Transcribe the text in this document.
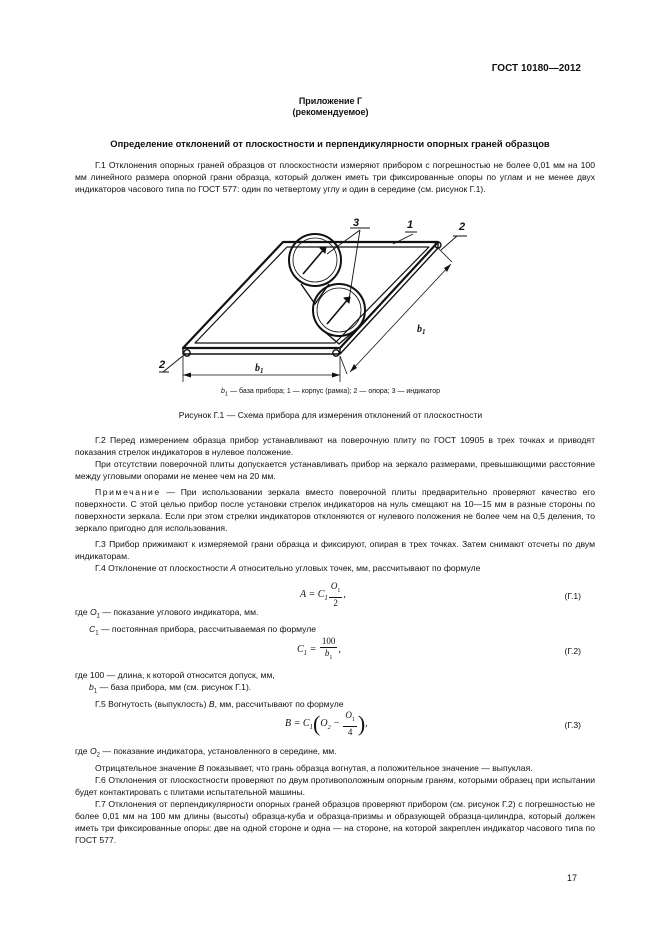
ГОСТ 10180—2012
Приложение Г
(рекомендуемое)
Определение отклонений от плоскостности и перпендикулярности опорных граней образцов

Г.1 Отклонения опорных граней образцов от плоскостности измеряют прибором с погрешностью не более 0,01 мм на 100 мм линейного размера опорной грани образца, который должен иметь три фиксированные опоры по углам и не менее двух индикаторов часового типа по ГОСТ 577: один по четвертому углу и один в середине (см. рисунок Г.1).

3	1	2
2	$b_1$
$b_1$
$b_1$ — база прибора; 1 — корпус (рамка); 2 — опора; 3 — индикатор
Рисунок Г.1 — Схема прибора для измерения отклонений от плоскостности

Г.2 Перед измерением образца прибор устанавливают на поверочную плиту по ГОСТ 10905 в трех точках и приводят показания стрелок индикаторов в нулевое положение.

При отсутствии поверочной плиты допускается устанавливать прибор на зеркало размерами, превышающими расстояние между угловыми опорами не менее чем на 20 мм.

Примечание — При использовании зеркала вместо поверочной плиты предварительно проверяют качество его поверхности. С этой целью прибор после установки стрелок индикаторов на нуль смещают на 10—15 мм в разные стороны по поверхности зеркала. Если при этом стрелки индикаторов отклоняются от нулевого положения не более чем на 0,5 деления, то зеркало пригодно для использования.

Г.3 Прибор прижимают к измеряемой грани образца и фиксируют, опирая в трех точках. Затем снимают отсчеты по двум индикаторам.

Г.4 Отклонение от плоскостности A относительно угловых точек, мм, рассчитывают по формуле

$A = C_1 \frac{O_1}{2}$ ,	(Г.1)

где $O_1$ — показание углового индикатора, мм.

$C_1$ — постоянная прибора, рассчитываемая по формуле

$C_1 = \frac{100}{b_1}$ ,	(Г.2)

где 100 — длина, к которой относится допуск, мм,

$b_1$ — база прибора, мм (см. рисунок Г.1).

Г.5 Вогнутость (выпуклость) B, мм, рассчитывают по формуле

$B = C_1(O_2 - \frac{O_1}{4}$ ),	(Г.3)

где $O_2$ — показание индикатора, установленного в середине, мм.

Отрицательное значение B показывает, что грань образца вогнутая, а положительное значение — выпуклая.

Г.6 Отклонения от плоскостности проверяют по двум противоположным опорным граням, которыми образец при испытании будет контактировать с плитами испытательной машины.

Г.7 Отклонения от перпендикулярности опорных граней образцов проверяют прибором (см. рисунок Г.2) с погрешностью не более 0,01 мм на 100 мм длины (высоты) образца-куба и образца-призмы и образующей образца-цилиндра, который должен иметь три фиксированные опоры: две на одной стороне и одна — на стороне, на которой закреплен индикатор часового типа по ГОСТ 577.

17
